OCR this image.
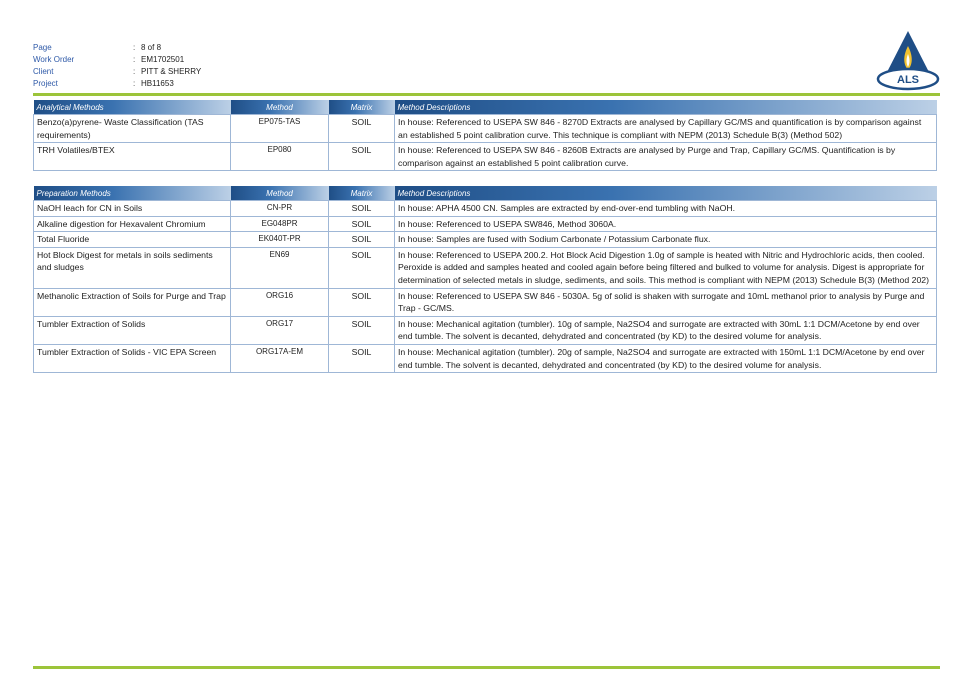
Page	: 8 of 8
Work Order	: EM1702501
Client	: PITT & SHERRY
Project	: HB11653	ALS
Analytical Methods	Method	Matrix	Method Descriptions
Benzo(a)pyrene- Waste Classification (TAS requirements)	EP075-TAS	SOIL	In house: Referenced to USEPA SW 846 - 8270D Extracts are analysed by Capillary GC/MS and quantification is by comparison against an established 5 point calibration curve. This technique is compliant with NEPM (2013) Schedule B(3) (Method 502)
TRH Volatiles/BTEX	EP080	SOIL	In house: Referenced to USEPA SW 846 - 8260B Extracts are analysed by Purge and Trap, Capillary GC/MS. Quantification is by comparison against an established 5 point calibration curve.
Preparation Methods	Method	Matrix	Method Descriptions
NaOH leach for CN in Soils	CN-PR	SOIL	In house: APHA 4500 CN. Samples are extracted by end-over-end tumbling with NaOH.
Alkaline digestion for Hexavalent Chromium	EG048PR	SOIL	In house: Referenced to USEPA SW846, Method 3060A.
Total Fluoride	EK040T-PR	SOIL	In house: Samples are fused with Sodium Carbonate / Potassium Carbonate flux.
Hot Block Digest for metals in soils sediments and sludges	EN69	SOIL	In house: Referenced to USEPA 200.2. Hot Block Acid Digestion 1.0g of sample is heated with Nitric and Hydrochloric acids, then cooled. Peroxide is added and samples heated and cooled again before being filtered and bulked to volume for analysis. Digest is appropriate for determination of selected metals in sludge, sediments, and soils. This method is compliant with NEPM (2013) Schedule B(3) (Method 202)
Methanolic Extraction of Soils for Purge and Trap	ORG16	SOIL	In house: Referenced to USEPA SW 846 - 5030A. 5g of solid is shaken with surrogate and 10mL methanol prior to analysis by Purge and Trap - GC/MS.
Tumbler Extraction of Solids	ORG17	SOIL	In house: Mechanical agitation (tumbler). 10g of sample, Na2SO4 and surrogate are extracted with 30mL 1:1 DCM/Acetone by end over end tumble. The solvent is decanted, dehydrated and concentrated (by KD) to the desired volume for analysis.
Tumbler Extraction of Solids - VIC EPA Screen	ORG17A-EM	SOIL	In house: Mechanical agitation (tumbler). 20g of sample, Na2SO4 and surrogate are extracted with 150mL 1:1 DCM/Acetone by end over end tumble. The solvent is decanted, dehydrated and concentrated (by KD) to the desired volume for analysis.
